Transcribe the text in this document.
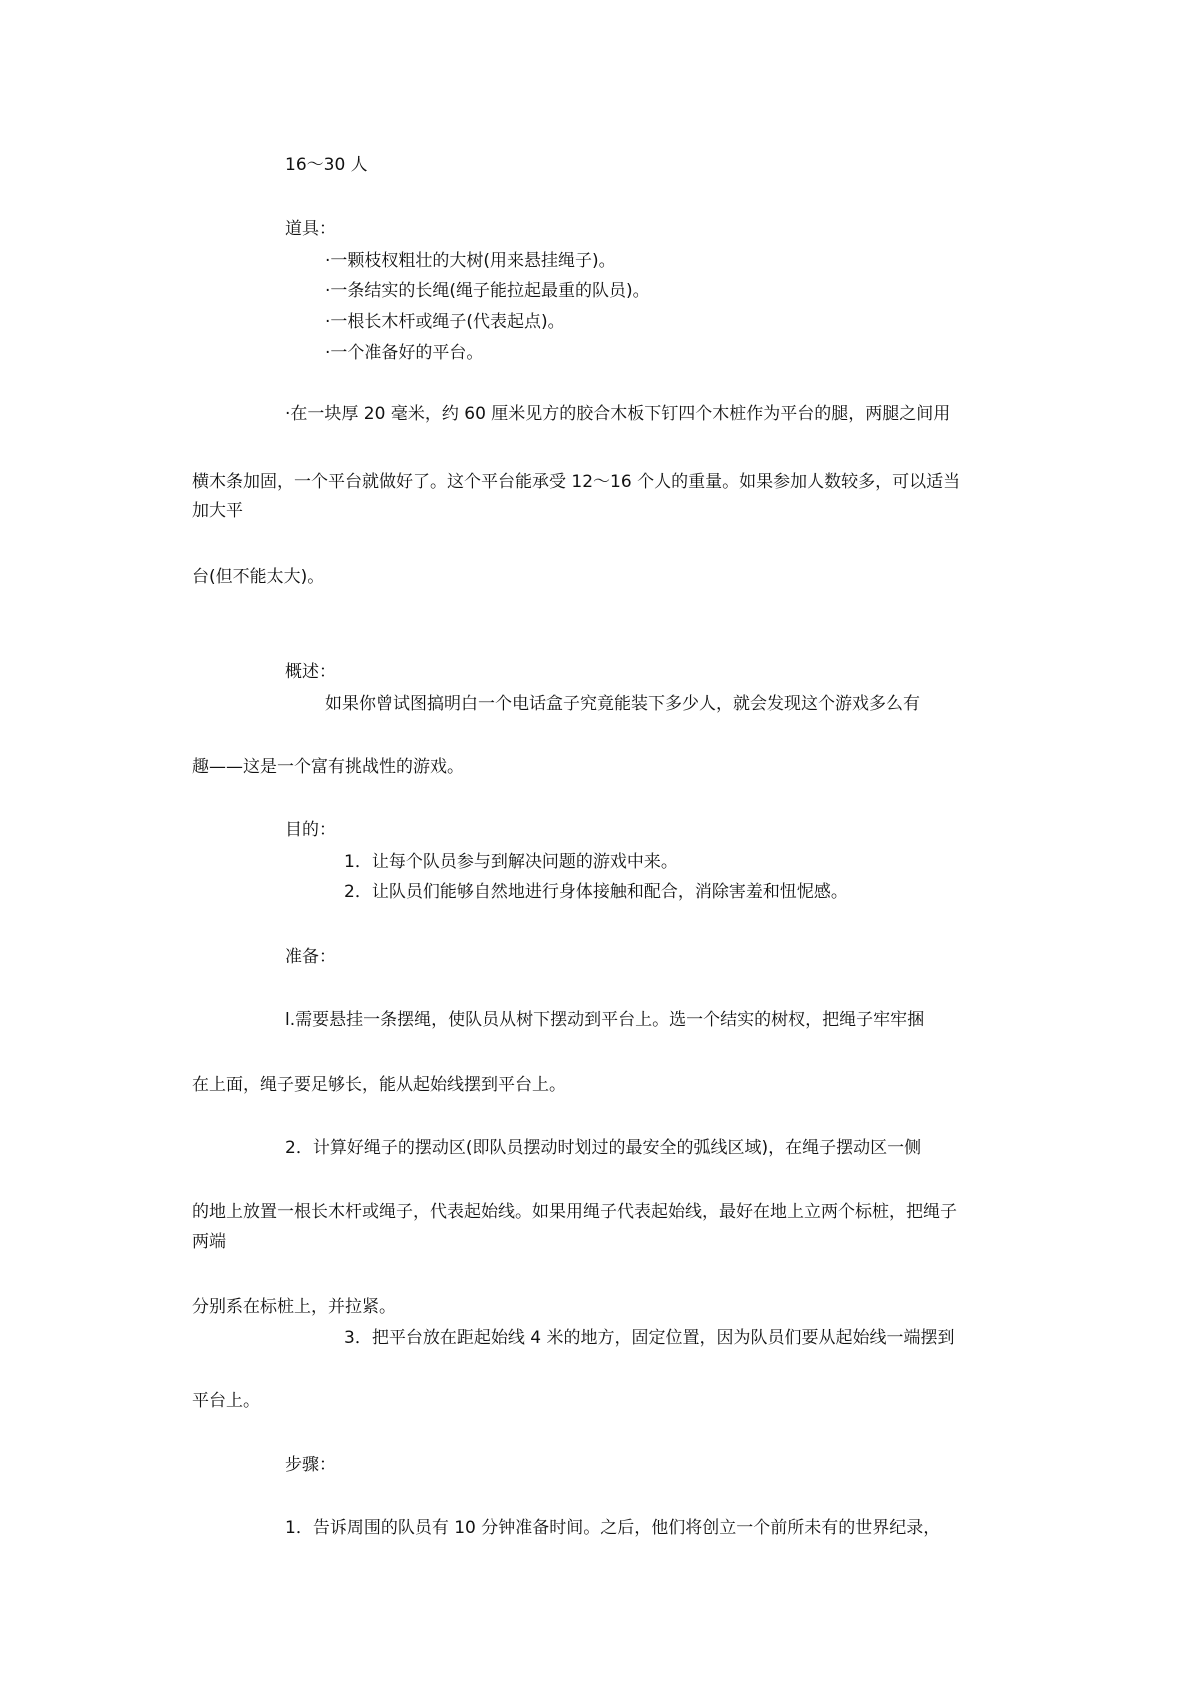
16～30 人
道具：
·一颗枝杈粗壮的大树(用来悬挂绳子)。
·一条结实的长绳(绳子能拉起最重的队员)。
·一根长木杆或绳子(代表起点)。
·一个准备好的平台。
·在一块厚 20 毫米，约 60 厘米见方的胶合木板下钉四个木桩作为平台的腿，两腿之间用
横木条加固，一个平台就做好了。这个平台能承受 12～16 个人的重量。如果参加人数较多，可以适当
加大平
台(但不能太大)。
概述：
如果你曾试图搞明白一个电话盒子究竟能装下多少人，就会发现这个游戏多么有
趣——这是一个富有挑战性的游戏。
目的：
1．让每个队员参与到解决问题的游戏中来。
2．让队员们能够自然地进行身体接触和配合，消除害羞和忸怩感。
准备：
l.需要悬挂一条摆绳，使队员从树下摆动到平台上。选一个结实的树杈，把绳子牢牢捆
在上面，绳子要足够长，能从起始线摆到平台上。
2．计算好绳子的摆动区(即队员摆动时划过的最安全的弧线区域)，在绳子摆动区一侧
的地上放置一根长木杆或绳子，代表起始线。如果用绳子代表起始线，最好在地上立两个标桩，把绳子
两端
分别系在标桩上，并拉紧。
3．把平台放在距起始线 4 米的地方，固定位置，因为队员们要从起始线一端摆到
平台上。
步骤：
1．告诉周围的队员有 10 分钟准备时间。之后，他们将创立一个前所未有的世界纪录，
